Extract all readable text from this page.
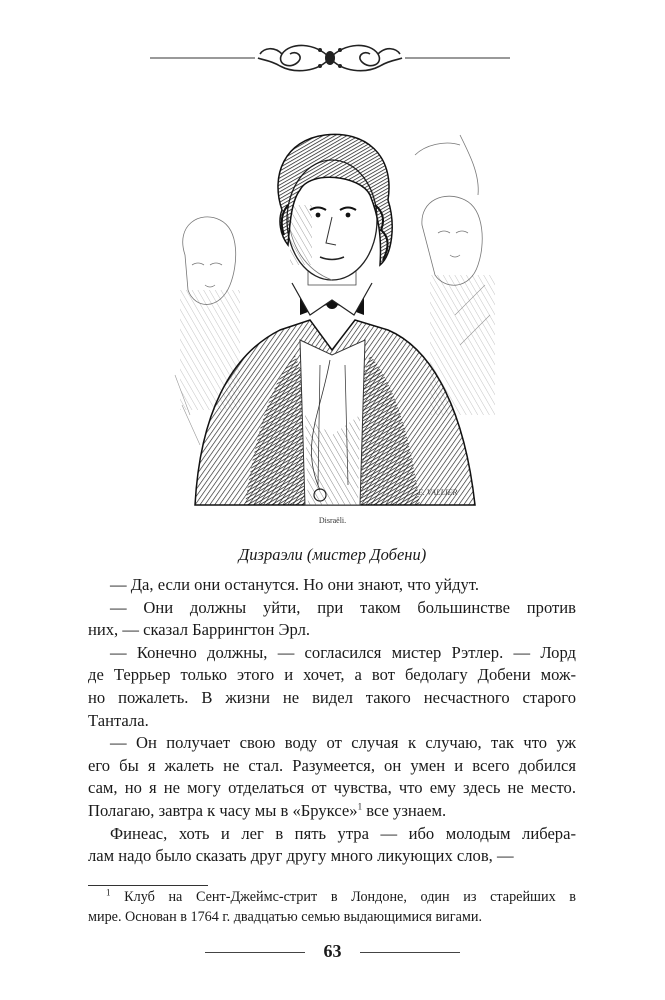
E. VALLIER
Disraëli.
Дизраэли (мистер Добени)

— Да, если они останутся. Но они знают, что уйдут.

— Они должны уйти, при таком большинстве против
них, — сказал Баррингтон Эрл.

— Конечно должны, — согласился мистер Рэтлер. — Лорд
де Террьер только этого и хочет, а вот бедолагу Добени мож-
но пожалеть. В жизни не видел такого несчастного старого
Тантала.

— Он получает свою воду от случая к случаю, так что уж
его бы я жалеть не стал. Разумеется, он умен и всего добился
сам, но я не могу отделаться от чувства, что ему здесь не место.
Полагаю, завтра к часу мы в «Бруксе»$^1$ все узнаем.

Финеас, хоть и лег в пять утра — ибо молодым либера-
лам надо было сказать друг другу много ликующих слов, —

$^1$ Клуб на Сент-Джеймс-стрит в Лондоне, один из старейших в
мире. Основан в 1764 г. двадцатью семью выдающимися вигами.
63
